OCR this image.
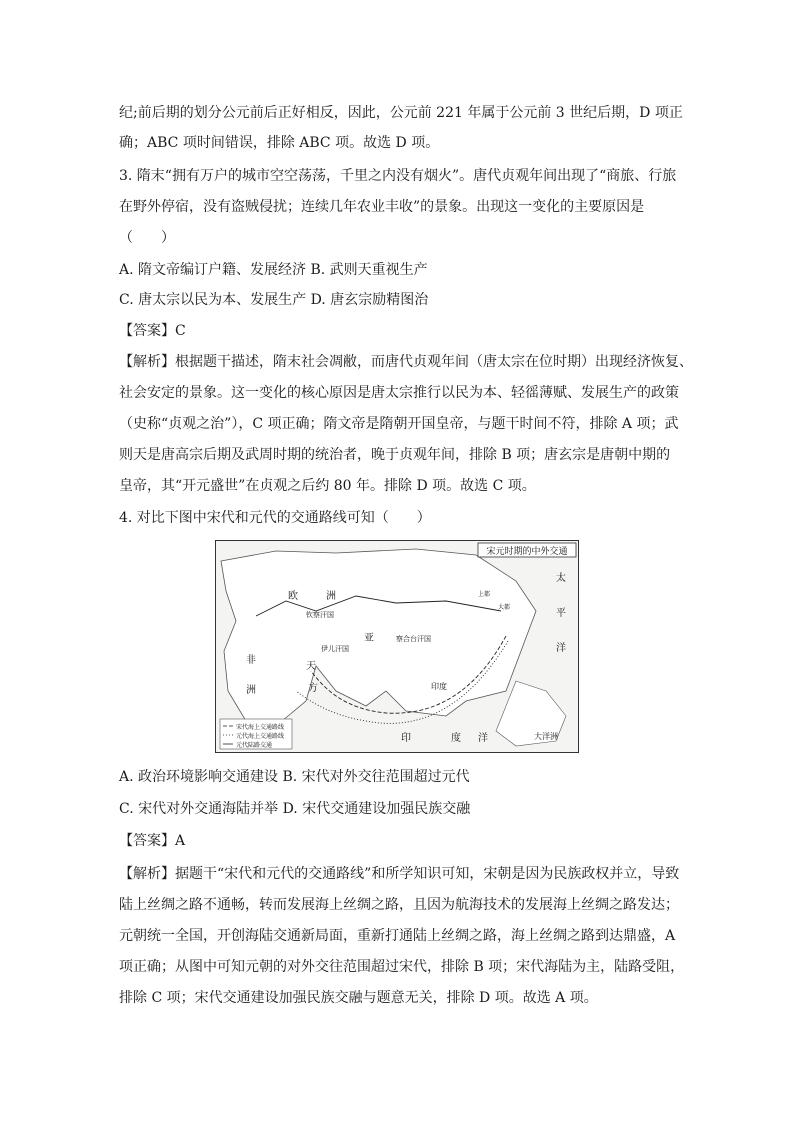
纪;前后期的划分公元前后正好相反，因此，公元前 221 年属于公元前 3 世纪后期，D 项正
确；ABC 项时间错误，排除 ABC 项。故选 D 项。
3. 隋末“拥有万户的城市空空荡荡，千里之内没有烟火”。唐代贞观年间出现了“商旅、行旅
在野外停宿，没有盗贼侵扰；连续几年农业丰收”的景象。出现这一变化的主要原因是
（　　）
A. 隋文帝编订户籍、发展经济 B. 武则天重视生产
C. 唐太宗以民为本、发展生产 D. 唐玄宗励精图治
【答案】C
【解析】根据题干描述，隋末社会凋敝，而唐代贞观年间（唐太宗在位时期）出现经济恢复、
社会安定的景象。这一变化的核心原因是唐太宗推行以民为本、轻徭薄赋、发展生产的政策
（史称“贞观之治”），C 项正确；隋文帝是隋朝开国皇帝，与题干时间不符，排除 A 项；武
则天是唐高宗后期及武周时期的统治者，晚于贞观年间，排除 B 项；唐玄宗是唐朝中期的
皇帝，其“开元盛世”在贞观之后约 80 年。排除 D 项。故选 C 项。
4. 对比下图中宋代和元代的交通路线可知（　　）
宋元时期的中外交通
欧	洲
钦察汗国
亚	察合台汗国
伊儿汗国
非
洲
天
方	印度
太
平
洋
大洋洲
印	度 洋
上都
大都
宋代海上交通路线
元代海上交通路线
元代陆路交通
A. 政治环境影响交通建设 B. 宋代对外交往范围超过元代
C. 宋代对外交通海陆并举 D. 宋代交通建设加强民族交融
【答案】A
【解析】据题干“宋代和元代的交通路线”和所学知识可知，宋朝是因为民族政权并立，导致
陆上丝绸之路不通畅，转而发展海上丝绸之路，且因为航海技术的发展海上丝绸之路发达；
元朝统一全国，开创海陆交通新局面，重新打通陆上丝绸之路，海上丝绸之路到达鼎盛，A
项正确；从图中可知元朝的对外交往范围超过宋代，排除 B 项；宋代海陆为主，陆路受阻，
排除 C 项；宋代交通建设加强民族交融与题意无关，排除 D 项。故选 A 项。
